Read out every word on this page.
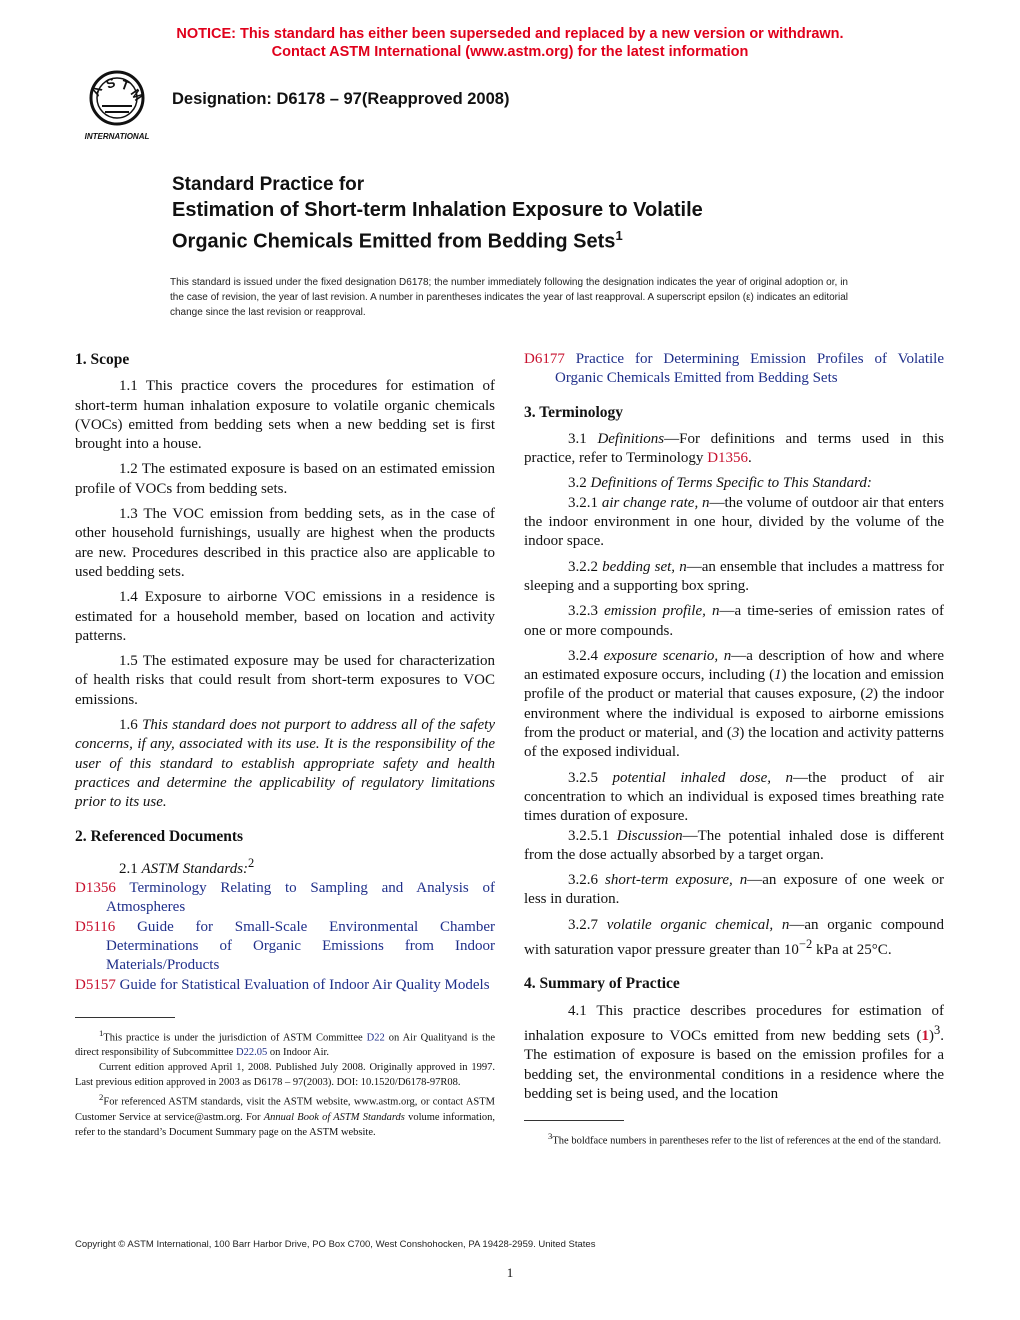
NOTICE: This standard has either been superseded and replaced by a new version or withdrawn.
Contact ASTM International (www.astm.org) for the latest information
A
S T
M
INTERNATIONAL
Designation: D6178 – 97(Reapproved 2008)
Standard Practice for
Estimation of Short-term Inhalation Exposure to Volatile
Organic Chemicals Emitted from Bedding Sets$^1$
This standard is issued under the fixed designation D6178; the number immediately following the designation indicates the year of original adoption or, in the case of revision, the year of last revision. A number in parentheses indicates the year of last reapproval. A superscript epsilon (ε) indicates an editorial change since the last revision or reapproval.
1. Scope

1.1 This practice covers the procedures for estimation of short-term human inhalation exposure to volatile organic chemicals (VOCs) emitted from bedding sets when a new bedding set is first brought into a house.

1.2 The estimated exposure is based on an estimated emission profile of VOCs from bedding sets.

1.3 The VOC emission from bedding sets, as in the case of other household furnishings, usually are highest when the products are new. Procedures described in this practice also are applicable to used bedding sets.

1.4 Exposure to airborne VOC emissions in a residence is estimated for a household member, based on location and activity patterns.

1.5 The estimated exposure may be used for characterization of health risks that could result from short-term exposures to VOC emissions.

1.6 This standard does not purport to address all of the safety concerns, if any, associated with its use. It is the responsibility of the user of this standard to establish appropriate safety and health practices and determine the applicability of regulatory limitations prior to its use.

2. Referenced Documents

2.1 ASTM Standards:$^2$

D1356 Terminology Relating to Sampling and Analysis of Atmospheres
D5116 Guide for Small-Scale Environmental Chamber Determinations of Organic Emissions from Indoor Materials/Products
D5157 Guide for Statistical Evaluation of Indoor Air Quality Models

$^1$This practice is under the jurisdiction of ASTM Committee D22 on Air Qualityand is the direct responsibility of Subcommittee D22.05 on Indoor Air.

Current edition approved April 1, 2008. Published July 2008. Originally approved in 1997. Last previous edition approved in 2003 as D6178 – 97(2003). DOI: 10.1520/D6178-97R08.

$^2$For referenced ASTM standards, visit the ASTM website, www.astm.org, or contact ASTM Customer Service at service@astm.org. For Annual Book of ASTM Standards volume information, refer to the standard’s Document Summary page on the ASTM website.

D6177 Practice for Determining Emission Profiles of Volatile Organic Chemicals Emitted from Bedding Sets
3. Terminology

3.1 Definitions—For definitions and terms used in this practice, refer to Terminology D1356.

3.2 Definitions of Terms Specific to This Standard:

3.2.1 air change rate, n—the volume of outdoor air that enters the indoor environment in one hour, divided by the volume of the indoor space.

3.2.2 bedding set, n—an ensemble that includes a mattress for sleeping and a supporting box spring.

3.2.3 emission profile, n—a time-series of emission rates of one or more compounds.

3.2.4 exposure scenario, n—a description of how and where an estimated exposure occurs, including (1) the location and emission profile of the product or material that causes exposure, (2) the indoor environment where the individual is exposed to airborne emissions from the product or material, and (3) the location and activity patterns of the exposed individual.

3.2.5 potential inhaled dose, n—the product of air concentration to which an individual is exposed times breathing rate times duration of exposure.

3.2.5.1 Discussion—The potential inhaled dose is different from the dose actually absorbed by a target organ.

3.2.6 short-term exposure, n—an exposure of one week or less in duration.

3.2.7 volatile organic chemical, n—an organic compound with saturation vapor pressure greater than $10^{-2}$ kPa at 25°C.

4. Summary of Practice

4.1 This practice describes procedures for estimation of inhalation exposure to VOCs emitted from new bedding sets $(1)^3$. The estimation of exposure is based on the emission profiles for a bedding set, the environmental conditions in a residence where the bedding set is being used, and the location

$^3$The boldface numbers in parentheses refer to the list of references at the end of the standard.

Copyright © ASTM International, 100 Barr Harbor Drive, PO Box C700, West Conshohocken, PA 19428-2959. United States
1
